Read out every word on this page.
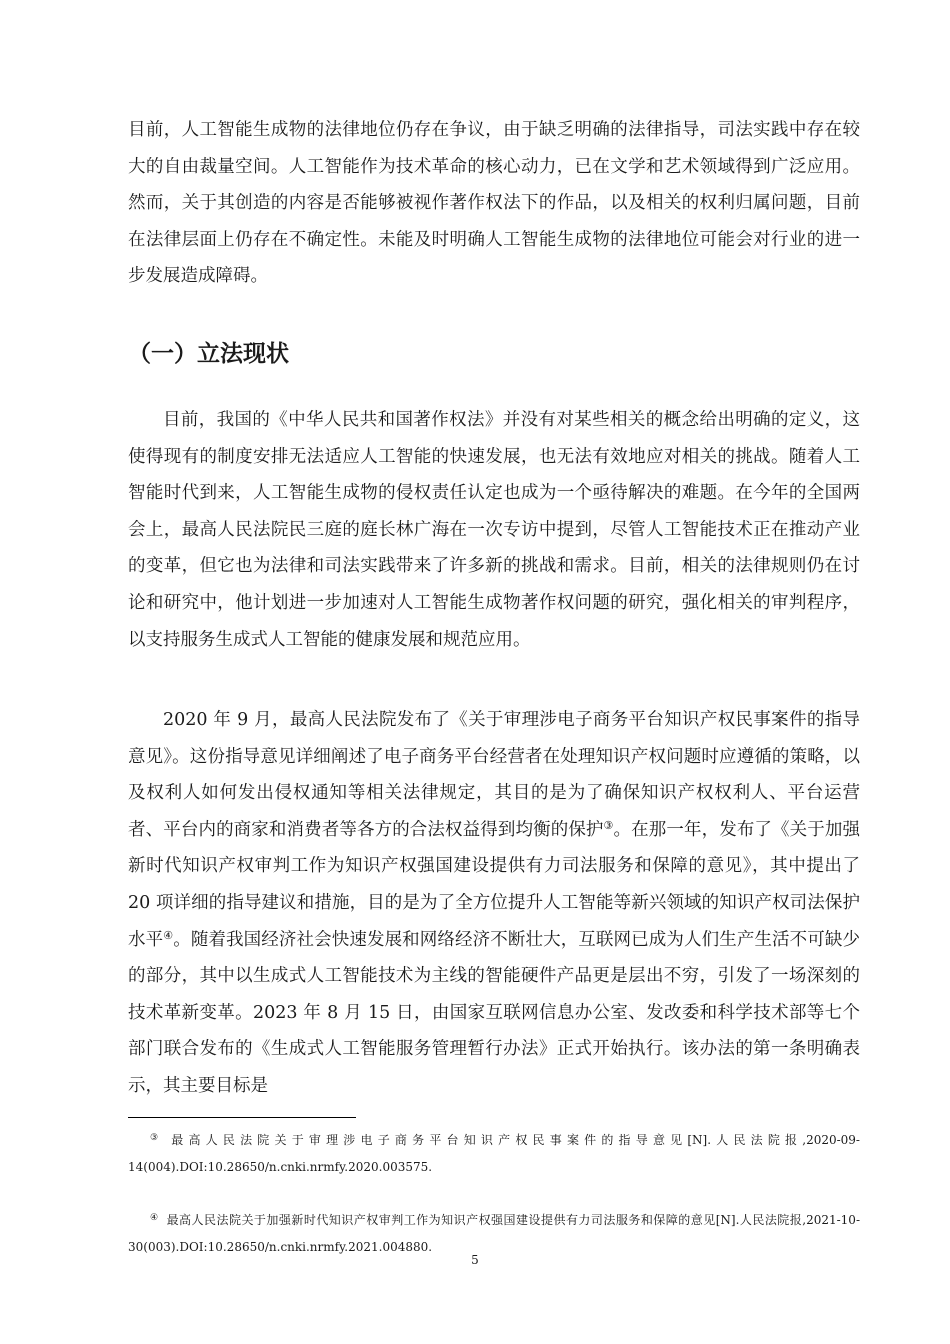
目前，人工智能生成物的法律地位仍存在争议，由于缺乏明确的法律指导，司法实践中存在较大的自由裁量空间。人工智能作为技术革命的核心动力，已在文学和艺术领域得到广泛应用。然而，关于其创造的内容是否能够被视作著作权法下的作品，以及相关的权利归属问题，目前在法律层面上仍存在不确定性。未能及时明确人工智能生成物的法律地位可能会对行业的进一步发展造成障碍。

（一）立法现状

目前，我国的《中华人民共和国著作权法》并没有对某些相关的概念给出明确的定义，这使得现有的制度安排无法适应人工智能的快速发展，也无法有效地应对相关的挑战。随着人工智能时代到来，人工智能生成物的侵权责任认定也成为一个亟待解决的难题。在今年的全国两会上，最高人民法院民三庭的庭长林广海在一次专访中提到，尽管人工智能技术正在推动产业的变革，但它也为法律和司法实践带来了许多新的挑战和需求。目前，相关的法律规则仍在讨论和研究中，他计划进一步加速对人工智能生成物著作权问题的研究，强化相关的审判程序，以支持服务生成式人工智能的健康发展和规范应用。

2020 年 9 月，最高人民法院发布了《关于审理涉电子商务平台知识产权民事案件的指导意见》。这份指导意见详细阐述了电子商务平台经营者在处理知识产权问题时应遵循的策略，以及权利人如何发出侵权通知等相关法律规定，其目的是为了确保知识产权权利人、平台运营者、平台内的商家和消费者等各方的合法权益得到均衡的保护③。在那一年，发布了《关于加强新时代知识产权审判工作为知识产权强国建设提供有力司法服务和保障的意见》，其中提出了 20 项详细的指导建议和措施，目的是为了全方位提升人工智能等新兴领域的知识产权司法保护水平④。随着我国经济社会快速发展和网络经济不断壮大，互联网已成为人们生产生活不可缺少的部分，其中以生成式人工智能技术为主线的智能硬件产品更是层出不穷，引发了一场深刻的技术革新变革。2023 年 8 月 15 日，由国家互联网信息办公室、发改委和科学技术部等七个部门联合发布的《生成式人工智能服务管理暂行办法》正式开始执行。该办法的第一条明确表示，其主要目标是

③ 最高人民法院关于审理涉电子商务平台知识产权民事案件的指导意见[N].人民法院报,2020-09-14(004).DOI:10.28650/n.cnki.nrmfy.2020.003575.

④ 最高人民法院关于加强新时代知识产权审判工作为知识产权强国建设提供有力司法服务和保障的意见[N].人民法院报,2021-10-30(003).DOI:10.28650/n.cnki.nrmfy.2021.004880.

5
